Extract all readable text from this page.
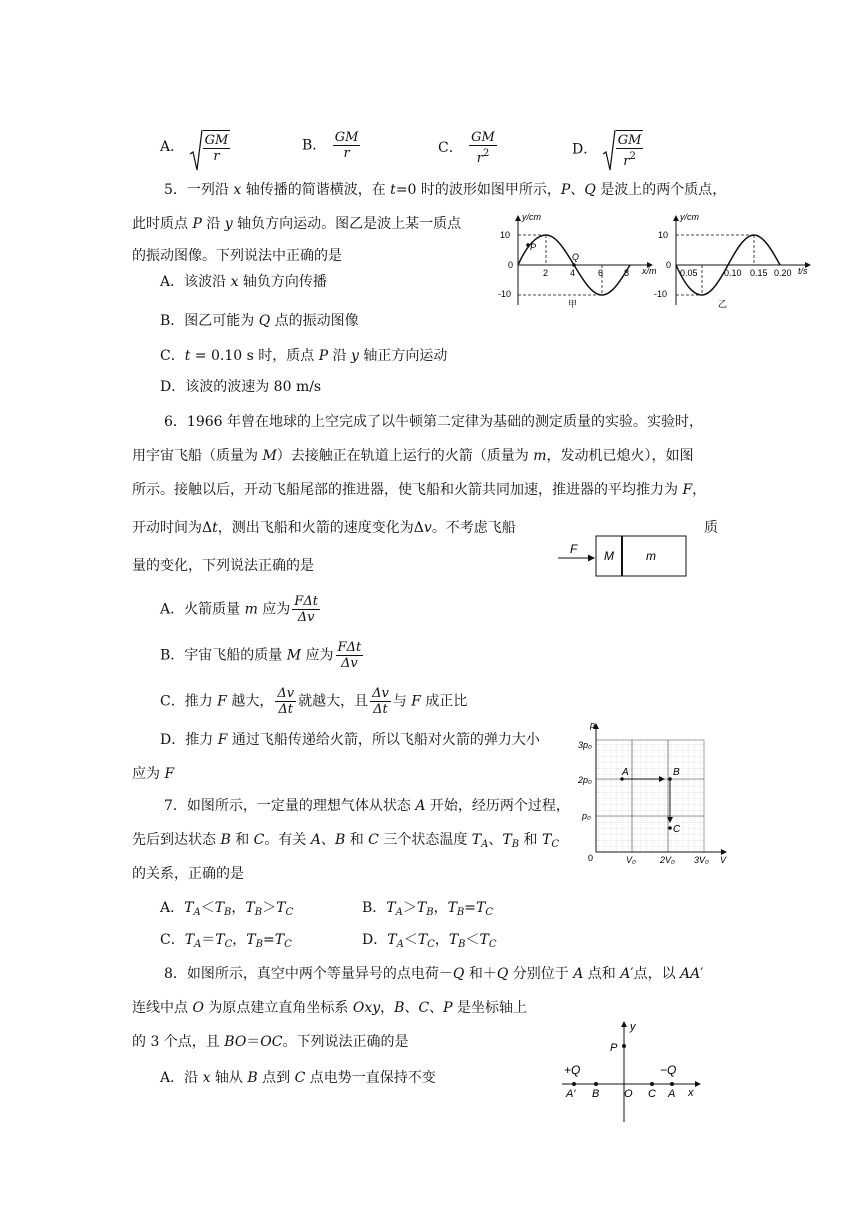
A． $\frac{GM}{r}$	B． $\frac{GM}{r}$	C． $\frac{GM}{r^2}$	D． $\frac{GM}{r^2}$
5．一列沿 x 轴传播的简谐横波，在 t=0 时的波形如图甲所示，P、Q 是波上的两个质点，
此时质点 P 沿 y 轴负方向运动。图乙是波上某一质点
的振动图像。下列说法中正确的是
A．该波沿 x 轴负方向传播
B．图乙可能为 Q 点的振动图像
C．t = 0.10 s 时，质点 P 沿 y 轴正方向运动
D．该波的波速为 80 m/s
y/cm
x/m
10
0
-10
2 4	6 8
P
Q
甲
y/cm
t/s
10
0
-10
0.05	0.10 0.15 0.20
乙
6．1966 年曾在地球的上空完成了以牛顿第二定律为基础的测定质量的实验。实验时，
用宇宙飞船（质量为 M）去接触正在轨道上运行的火箭（质量为 m，发动机已熄火），如图
所示。接触以后，开动飞船尾部的推进器，使飞船和火箭共同加速，推进器的平均推力为 F，
开动时间为Δt，测出飞船和火箭的速度变化为Δv。不考虑飞船	质
量的变化，下列说法正确的是
F M	m
A．火箭质量 m 应为 $\frac{\text{FΔt}}{\Delta v}$
B．宇宙飞船的质量 M 应为 $\frac{\text{FΔt}}{\Delta v}$
C．推力 F 越大， $\frac{\Delta v}{\Delta t}$ 就越大，且 $\frac{\Delta v}{\Delta t}$ 与 F 成正比
D．推力 F 通过飞船传递给火箭，所以飞船对火箭的弹力大小
应为 F
7．如图所示，一定量的理想气体从状态 A 开始，经历两个过程，
先后到达状态 B 和 C。有关 A、B 和 C 三个状态温度 $T_A$、$T_B$ 和 $T_C$
的关系，正确的是
A．$T_A<T_B$，$T_B>T_C$	B．$T_A>T_B$，$T_B=T_C$
C．$T_A=T_C$，$T_B=T_C$	D．$T_A<T_C$，$T_B<T_C$
p
V
0
3p₀
2p₀
p₀
V₀	2V₀ 3V₀
A	B
C
8．如图所示，真空中两个等量异号的点电荷－Q 和＋Q 分别位于 A 点和 A′点，以 AA′
连线中点 O 为原点建立直角坐标系 Oxy，B、C、P 是坐标轴上
的 3 个点，且 BO＝OC。下列说法正确的是
A．沿 x 轴从 B 点到 C 点电势一直保持不变
y
x
P
+Q	−Q
A′ B O C A
